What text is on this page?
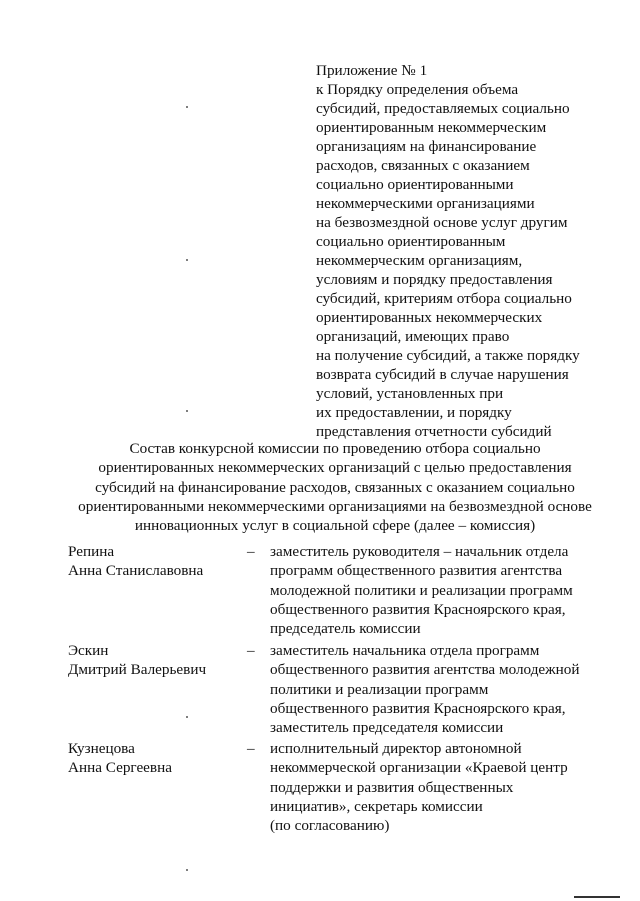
Приложение № 1
к Порядку определения объема
субсидий, предоставляемых социально
ориентированным некоммерческим
организациям на финансирование
расходов, связанных с оказанием
социально ориентированными
некоммерческими организациями
на безвозмездной основе услуг другим
социально ориентированным
некоммерческим организациям,
условиям и порядку предоставления
субсидий, критериям отбора социально
ориентированных некоммерческих
организаций, имеющих право
на получение субсидий, а также порядку
возврата субсидий в случае нарушения
условий, установленных при
их предоставлении, и порядку
представления отчетности субсидий
Состав конкурсной комиссии по проведению отбора социально
ориентированных некоммерческих организаций с целью предоставления
субсидий на финансирование расходов, связанных с оказанием социально
ориентированными некоммерческими организациями на безвозмездной основе
инновационных услуг в социальной сфере (далее – комиссия)
Репина
Анна Станиславовна
– заместитель руководителя – начальник отдела
программ общественного развития агентства
молодежной политики и реализации программ
общественного развития Красноярского края,
председатель комиссии
Эскин
Дмитрий Валерьевич
– заместитель начальника отдела программ
общественного развития агентства молодежной
политики и реализации программ
общественного развития Красноярского края,
заместитель председателя комиссии
Кузнецова
Анна Сергеевна
– исполнительный директор автономной
некоммерческой организации «Краевой центр
поддержки и развития общественных
инициатив», секретарь комиссии
(по согласованию)
